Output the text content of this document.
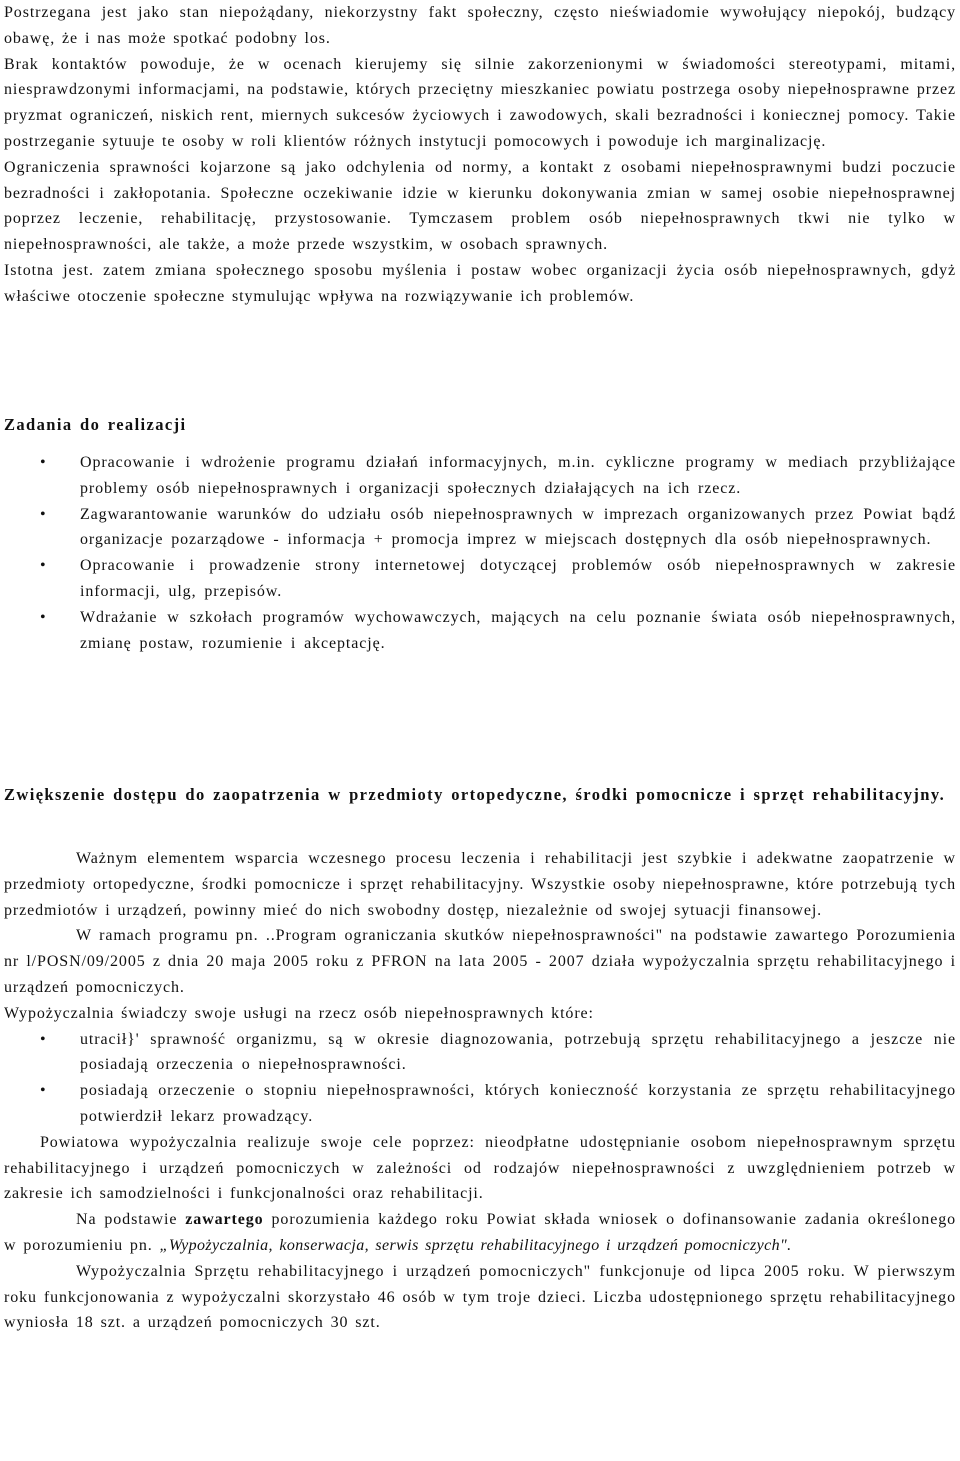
Postrzegana jest jako stan niepożądany, niekorzystny fakt społeczny, często nieświadomie wywołujący niepokój, budzący obawę, że i nas może spotkać podobny los.

Brak kontaktów powoduje, że w ocenach kierujemy się silnie zakorzenionymi w świadomości stereotypami, mitami, niesprawdzonymi informacjami, na podstawie, których przeciętny mieszkaniec powiatu postrzega osoby niepełnosprawne przez pryzmat ograniczeń, niskich rent, miernych sukcesów życiowych i zawodowych, skali bezradności i koniecznej pomocy. Takie postrzeganie sytuuje te osoby w roli klientów różnych instytucji pomocowych i powoduje ich marginalizację.

Ograniczenia sprawności kojarzone są jako odchylenia od normy, a kontakt z osobami niepełnosprawnymi budzi poczucie bezradności i zakłopotania. Społeczne oczekiwanie idzie w kierunku dokonywania zmian w samej osobie niepełnosprawnej poprzez leczenie, rehabilitację, przystosowanie. Tymczasem problem osób niepełnosprawnych tkwi nie tylko w niepełnosprawności, ale także, a może przede wszystkim, w osobach sprawnych.

Istotna jest. zatem zmiana społecznego sposobu myślenia i postaw wobec organizacji życia osób niepełnosprawnych, gdyż właściwe otoczenie społeczne stymulując wpływa na rozwiązywanie ich problemów.

Zadania do realizacji

• Opracowanie i wdrożenie programu działań informacyjnych, m.in. cykliczne programy w mediach przybliżające problemy osób niepełnosprawnych i organizacji społecznych działających na ich rzecz.
• Zagwarantowanie warunków do udziału osób niepełnosprawnych w imprezach organizowanych przez Powiat bądź organizacje pozarządowe - informacja + promocja imprez w miejscach dostępnych dla osób niepełnosprawnych.
• Opracowanie i prowadzenie strony internetowej dotyczącej problemów osób niepełnosprawnych w zakresie informacji, ulg, przepisów.
• Wdrażanie w szkołach programów wychowawczych, mających na celu poznanie świata osób niepełnosprawnych, zmianę postaw, rozumienie i akceptację.

Zwiększenie dostępu do zaopatrzenia w przedmioty ortopedyczne, środki pomocnicze i sprzęt rehabilitacyjny.

Ważnym elementem wsparcia wczesnego procesu leczenia i rehabilitacji jest szybkie i adekwatne zaopatrzenie w przedmioty ortopedyczne, środki pomocnicze i sprzęt rehabilitacyjny. Wszystkie osoby niepełnosprawne, które potrzebują tych przedmiotów i urządzeń, powinny mieć do nich swobodny dostęp, niezależnie od swojej sytuacji finansowej.

W ramach programu pn. ..Program ograniczania skutków niepełnosprawności" na podstawie zawartego Porozumienia nr l/POSN/09/2005 z dnia 20 maja 2005 roku z PFRON na lata 2005 - 2007 działa wypożyczalnia sprzętu rehabilitacyjnego i urządzeń pomocniczych.

Wypożyczalnia świadczy swoje usługi na rzecz osób niepełnosprawnych które:

• utracił}' sprawność organizmu, są w okresie diagnozowania, potrzebują sprzętu rehabilitacyjnego a jeszcze nie posiadają orzeczenia o niepełnosprawności.
• posiadają orzeczenie o stopniu niepełnosprawności, których konieczność korzystania ze sprzętu rehabilitacyjnego potwierdził lekarz prowadzący.

Powiatowa wypożyczalnia realizuje swoje cele poprzez: nieodpłatne udostępnianie osobom niepełnosprawnym sprzętu rehabilitacyjnego i urządzeń pomocniczych w zależności od rodzajów niepełnosprawności z uwzględnieniem potrzeb w zakresie ich samodzielności i funkcjonalności oraz rehabilitacji.

Na podstawie zawartego porozumienia każdego roku Powiat składa wniosek o dofinansowanie zadania określonego w porozumieniu pn. „Wypożyczalnia, konserwacja, serwis sprzętu rehabilitacyjnego i urządzeń pomocniczych".

Wypożyczalnia Sprzętu rehabilitacyjnego i urządzeń pomocniczych" funkcjonuje od lipca 2005 roku. W pierwszym roku funkcjonowania z wypożyczalni skorzystało 46 osób w tym troje dzieci. Liczba udostępnionego sprzętu rehabilitacyjnego wyniosła 18 szt. a urządzeń pomocniczych 30 szt.
